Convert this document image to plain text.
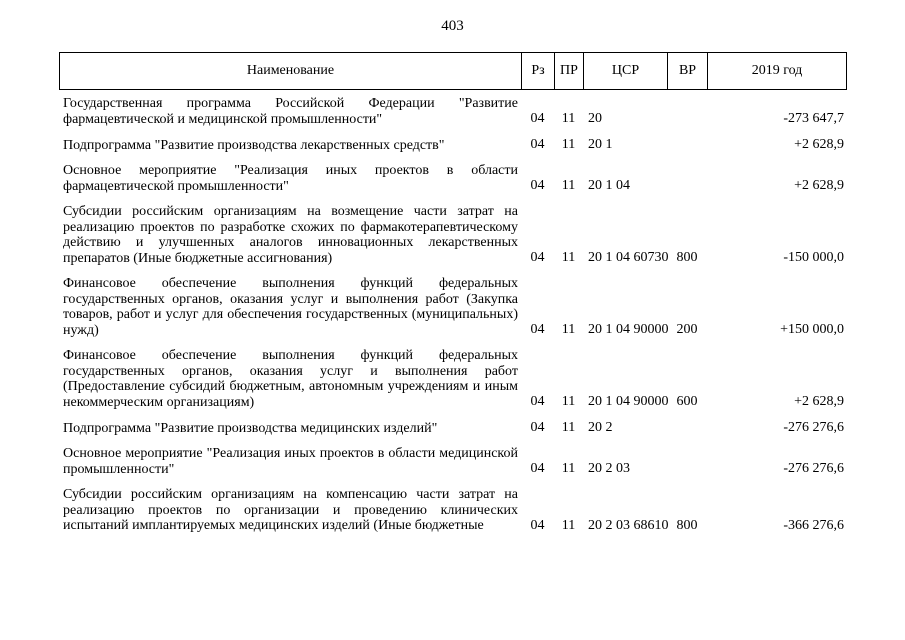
403
Наименование	Рз	ПР	ЦСР	ВР	2019 год
Государственная программа Российской Федерации "Развитие фармацевтической и медицинской промышленности"	04	11	20		-273 647,7
Подпрограмма "Развитие производства лекарственных средств"	04	11	20 1		+2 628,9
Основное мероприятие "Реализация иных проектов в области фармацевтической промышленности"	04	11	20 1 04		+2 628,9
Субсидии российским организациям на возмещение части затрат на реализацию проектов по разработке схожих по фармакотерапевтическому действию и улучшенных аналогов инновационных лекарственных препаратов (Иные бюджетные ассигнования)	04	11	20 1 04 60730	800	-150 000,0
Финансовое обеспечение выполнения функций федеральных государственных органов, оказания услуг и выполнения работ (Закупка товаров, работ и услуг для обеспечения государственных (муниципальных) нужд)	04	11	20 1 04 90000	200	+150 000,0
Финансовое обеспечение выполнения функций федеральных государственных органов, оказания услуг и выполнения работ (Предоставление субсидий бюджетным, автономным учреждениям и иным некоммерческим организациям)	04	11	20 1 04 90000	600	+2 628,9
Подпрограмма "Развитие производства медицинских изделий"	04	11	20 2		-276 276,6
Основное мероприятие "Реализация иных проектов в области медицинской промышленности"	04	11	20 2 03		-276 276,6
Субсидии российским организациям на компенсацию части затрат на реализацию проектов по организации и проведению клинических испытаний имплантируемых медицинских изделий (Иные бюджетные	04	11	20 2 03 68610	800	-366 276,6
